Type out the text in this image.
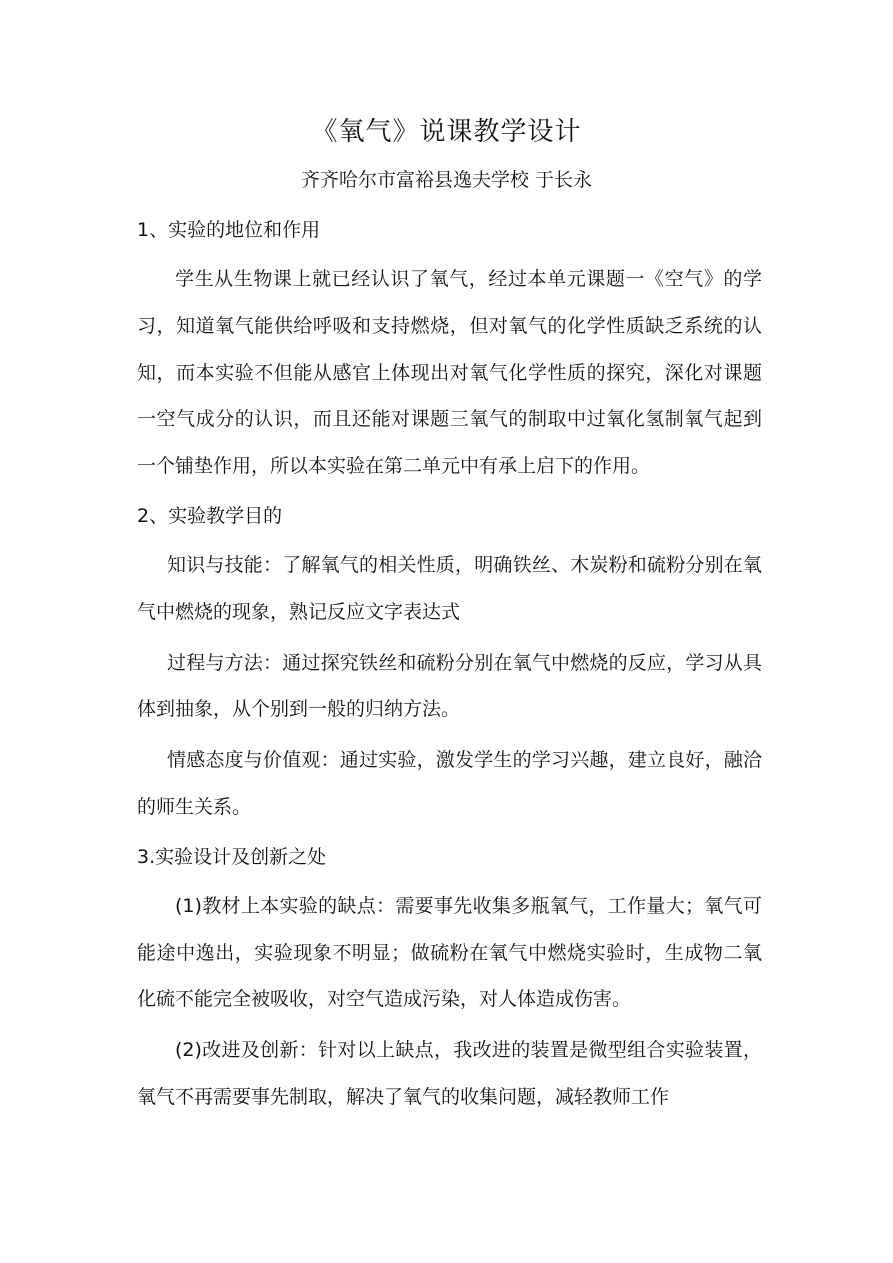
《氧气》说课教学设计
齐齐哈尔市富裕县逸夫学校 于长永
1、实验的地位和作用

学生从生物课上就已经认识了氧气，经过本单元课题一《空气》的学习，知道氧气能供给呼吸和支持燃烧，但对氧气的化学性质缺乏系统的认知，而本实验不但能从感官上体现出对氧气化学性质的探究，深化对课题一空气成分的认识，而且还能对课题三氧气的制取中过氧化氢制氧气起到一个铺垫作用，所以本实验在第二单元中有承上启下的作用。

2、实验教学目的

知识与技能：了解氧气的相关性质，明确铁丝、木炭粉和硫粉分别在氧气中燃烧的现象，熟记反应文字表达式

过程与方法：通过探究铁丝和硫粉分别在氧气中燃烧的反应，学习从具体到抽象，从个别到一般的归纳方法。

情感态度与价值观：通过实验，激发学生的学习兴趣，建立良好，融洽的师生关系。

3.实验设计及创新之处

(1)教材上本实验的缺点：需要事先收集多瓶氧气，工作量大；氧气可能途中逸出，实验现象不明显；做硫粉在氧气中燃烧实验时，生成物二氧化硫不能完全被吸收，对空气造成污染，对人体造成伤害。

(2)改进及创新：针对以上缺点，我改进的装置是微型组合实验装置，氧气不再需要事先制取，解决了氧气的收集问题，减轻教师工作
